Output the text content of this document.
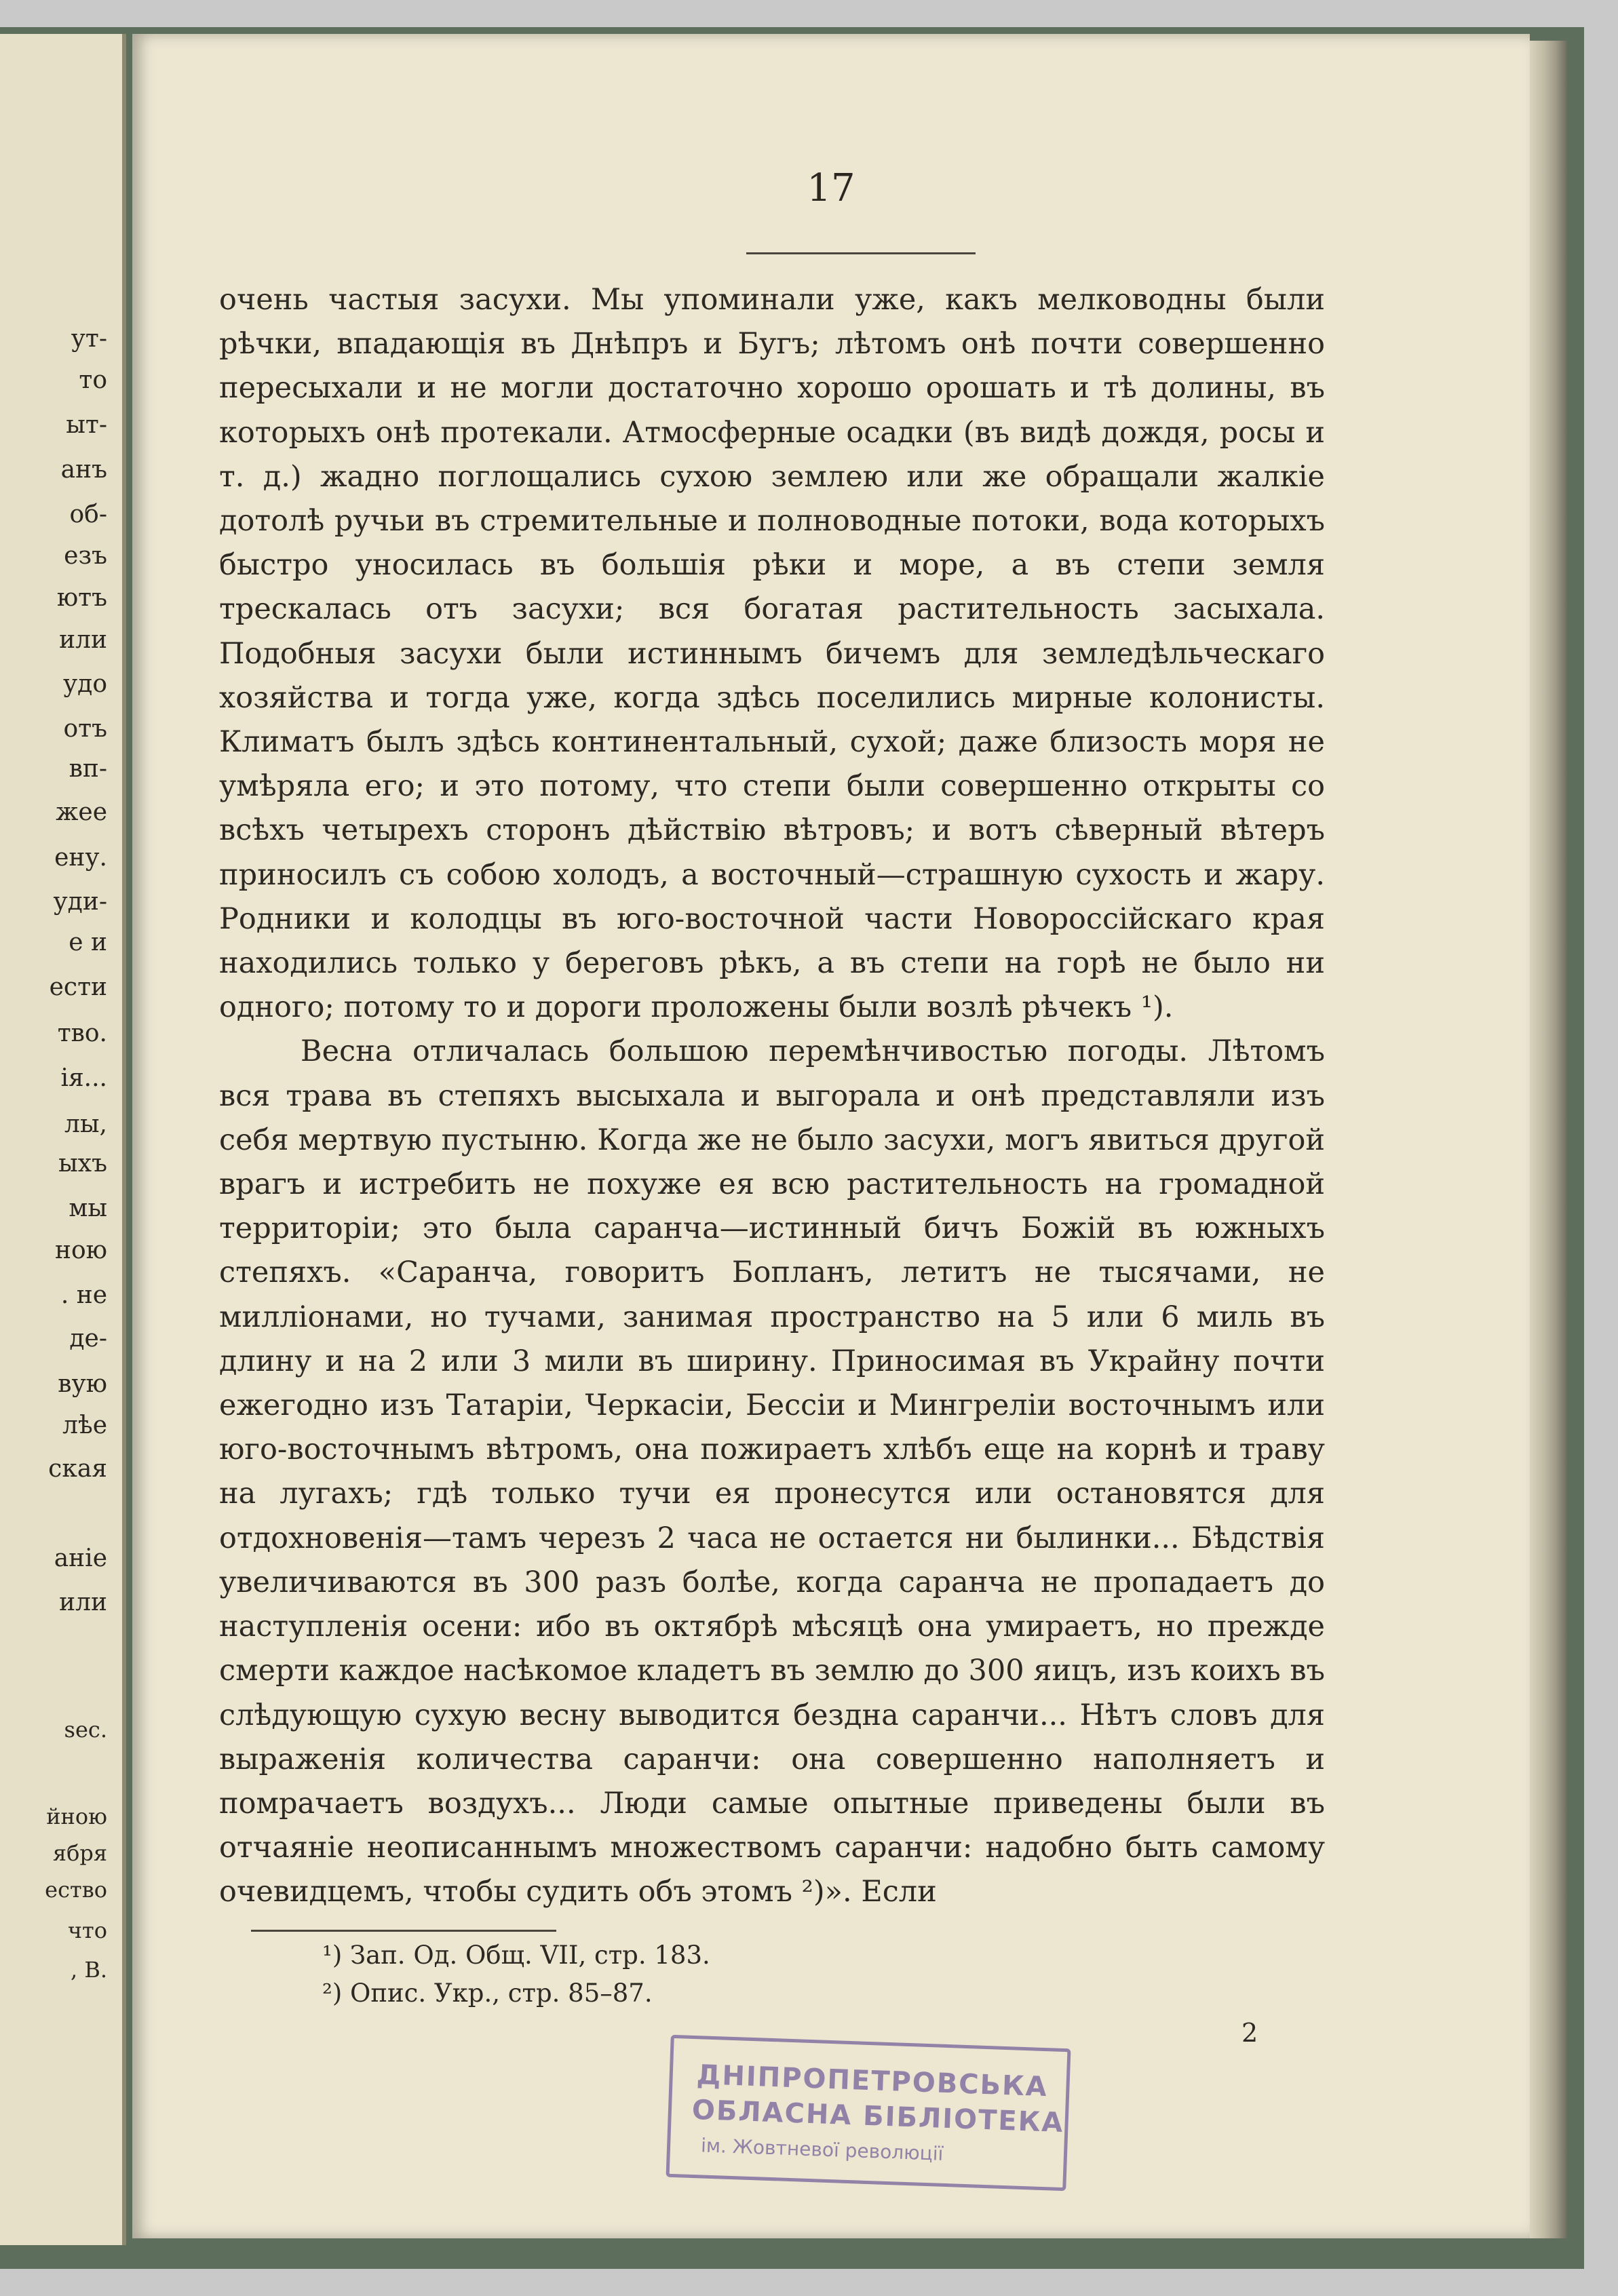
ут-
то
ыт-
анъ
об-
езъ
ютъ
или
удо
отъ
вп-
жее
ену.
уди-
е и
ести
тво.
ія...
лы,
ыхъ
мы
ною
. не
де-
вую
лѣе
ская
аніе
или
sec.
йною
ября
ество
что
, В.
17

очень частыя засухи. Мы упоминали уже, какъ мелководны были рѣчки, впадающія въ Днѣпръ и Бугъ; лѣтомъ онѣ почти совершенно пересыхали и не могли достаточно хорошо орошать и тѣ долины, въ которыхъ онѣ протекали. Атмосферные осадки (въ видѣ дождя, росы и т. д.) жадно поглощались сухою землею или же обращали жалкіе дотолѣ ручьи въ стремительные и полноводные потоки, вода которыхъ быстро уносилась въ большія рѣки и море, а въ степи земля трескалась отъ засухи; вся богатая растительность засыхала. Подобныя засухи были истиннымъ бичемъ для земледѣльческаго хозяйства и тогда уже, когда здѣсь поселились мирные колонисты. Климатъ былъ здѣсь континентальный, сухой; даже близость моря не умѣряла его; и это потому, что степи были совершенно открыты со всѣхъ четырехъ сторонъ дѣйствію вѣтровъ; и вотъ сѣверный вѣтеръ приносилъ съ собою холодъ, а восточный—страшную сухость и жару. Родники и колодцы въ юго-восточной части Новороссійскаго края находились только у береговъ рѣкъ, а въ степи на горѣ не было ни одного; потому то и дороги проложены были возлѣ рѣчекъ ¹).

Весна отличалась большою перемѣнчивостью погоды. Лѣтомъ вся трава въ степяхъ высыхала и выгорала и онѣ представляли изъ себя мертвую пустыню. Когда же не было засухи, могъ явиться другой врагъ и истребить не похуже ея всю растительность на громадной территоріи; это была саранча—истинный бичъ Божій въ южныхъ степяхъ. «Саранча, говоритъ Бопланъ, летитъ не тысячами, не милліонами, но тучами, занимая пространство на 5 или 6 миль въ длину и на 2 или 3 мили въ ширину. Приносимая въ Украйну почти ежегодно изъ Татаріи, Черкасіи, Бессіи и Мингреліи восточнымъ или юго-восточнымъ вѣтромъ, она пожираетъ хлѣбъ еще на корнѣ и траву на лугахъ; гдѣ только тучи ея пронесутся или остановятся для отдохновенія—тамъ черезъ 2 часа не остается ни былинки... Бѣдствія увеличиваются въ 300 разъ болѣе, когда саранча не пропадаетъ до наступленія осени: ибо въ октябрѣ мѣсяцѣ она умираетъ, но прежде смерти каждое насѣкомое кладетъ въ землю до 300 яицъ, изъ коихъ въ слѣдующую сухую весну выводится бездна саранчи... Нѣтъ словъ для выраженія количества саранчи: она совершенно наполняетъ и помрачаетъ воздухъ... Люди самые опытные приведены были въ отчаяніе неописаннымъ множествомъ саранчи: надобно быть самому очевидцемъ, чтобы судить объ этомъ ²)». Если

¹) Зап. Од. Общ. VII, стр. 183.
²) Опис. Укр., стр. 85–87.
2
ДНІПРОПЕТРОВСЬКА
ОБЛАСНА БІБЛІОТЕКА
ім. Жовтневої революції
